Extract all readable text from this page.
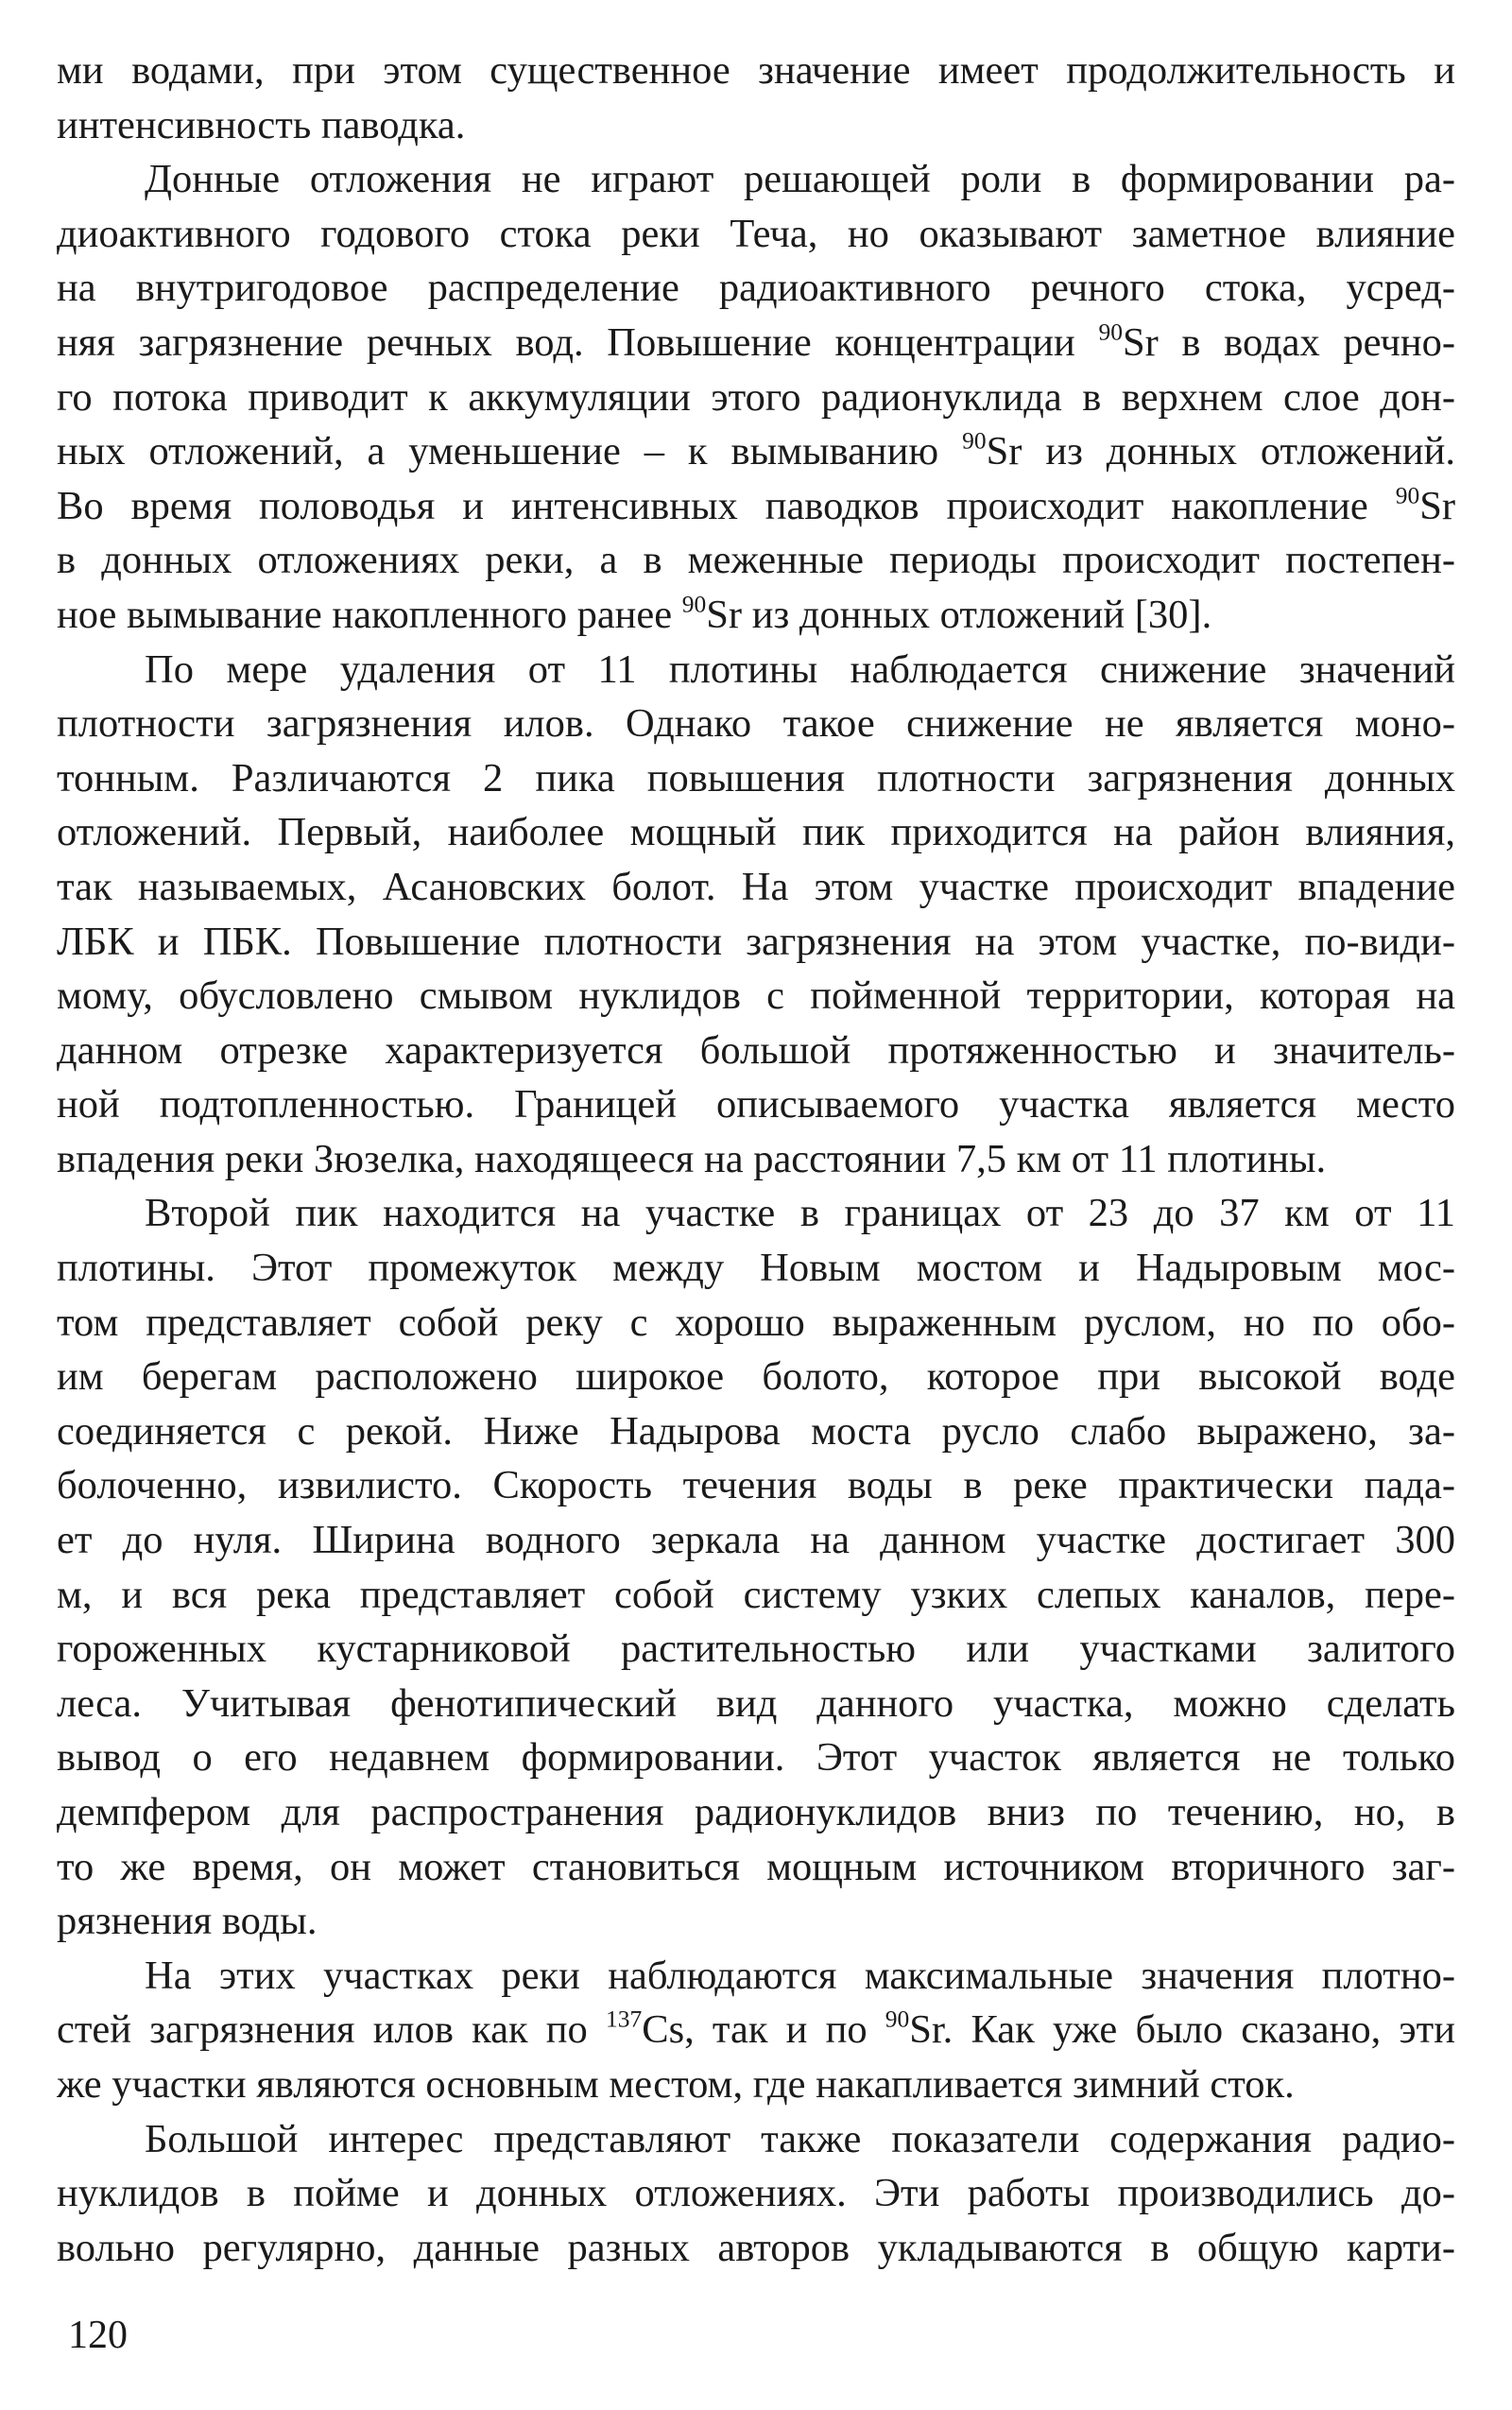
ми водами, при этом существенное значение имеет продолжительность и
интенсивность паводка.
Донные отложения не играют решающей роли в формировании ра-
диоактивного годового стока реки Теча, но оказывают заметное влияние
на внутригодовое распределение радиоактивного речного стока, усред-
няя загрязнение речных вод. Повышение концентрации $^{90}$Sr в водах речно-
го потока приводит к аккумуляции этого радионуклида в верхнем слое дон-
ных отложений, а уменьшение – к вымыванию $^{90}$Sr из донных отложений.
Во время половодья и интенсивных паводков происходит накопление $^{90}$Sr
в донных отложениях реки, а в меженные периоды происходит постепен-
ное вымывание накопленного ранее $^{90}$Sr из донных отложений [30].
По мере удаления от 11 плотины наблюдается снижение значений
плотности загрязнения илов. Однако такое снижение не является моно-
тонным. Различаются 2 пика повышения плотности загрязнения донных
отложений. Первый, наиболее мощный пик приходится на район влияния,
так называемых, Асановских болот. На этом участке происходит впадение
ЛБК и ПБК. Повышение плотности загрязнения на этом участке, по-види-
мому, обусловлено смывом нуклидов с пойменной территории, которая на
данном отрезке характеризуется большой протяженностью и значитель-
ной подтопленностью. Границей описываемого участка является место
впадения реки Зюзелка, находящееся на расстоянии 7,5 км от 11 плотины.
Второй пик находится на участке в границах от 23 до 37 км от 11
плотины. Этот промежуток между Новым мостом и Надыровым мос-
том представляет собой реку с хорошо выраженным руслом, но по обо-
им берегам расположено широкое болото, которое при высокой воде
соединяется с рекой. Ниже Надырова моста русло слабо выражено, за-
болоченно, извилисто. Скорость течения воды в реке практически пада-
ет до нуля. Ширина водного зеркала на данном участке достигает 300
м, и вся река представляет собой систему узких слепых каналов, пере-
гороженных кустарниковой растительностью или участками залитого
леса. Учитывая фенотипический вид данного участка, можно сделать
вывод о его недавнем формировании. Этот участок является не только
демпфером для распространения радионуклидов вниз по течению, но, в
то же время, он может становиться мощным источником вторичного заг-
рязнения воды.
На этих участках реки наблюдаются максимальные значения плотно-
стей загрязнения илов как по $^{137}$Cs, так и по $^{90}$Sr. Как уже было сказано, эти
же участки являются основным местом, где накапливается зимний сток.
Большой интерес представляют также показатели содержания радио-
нуклидов в пойме и донных отложениях. Эти работы производились до-
вольно регулярно, данные разных авторов укладываются в общую карти-
120
